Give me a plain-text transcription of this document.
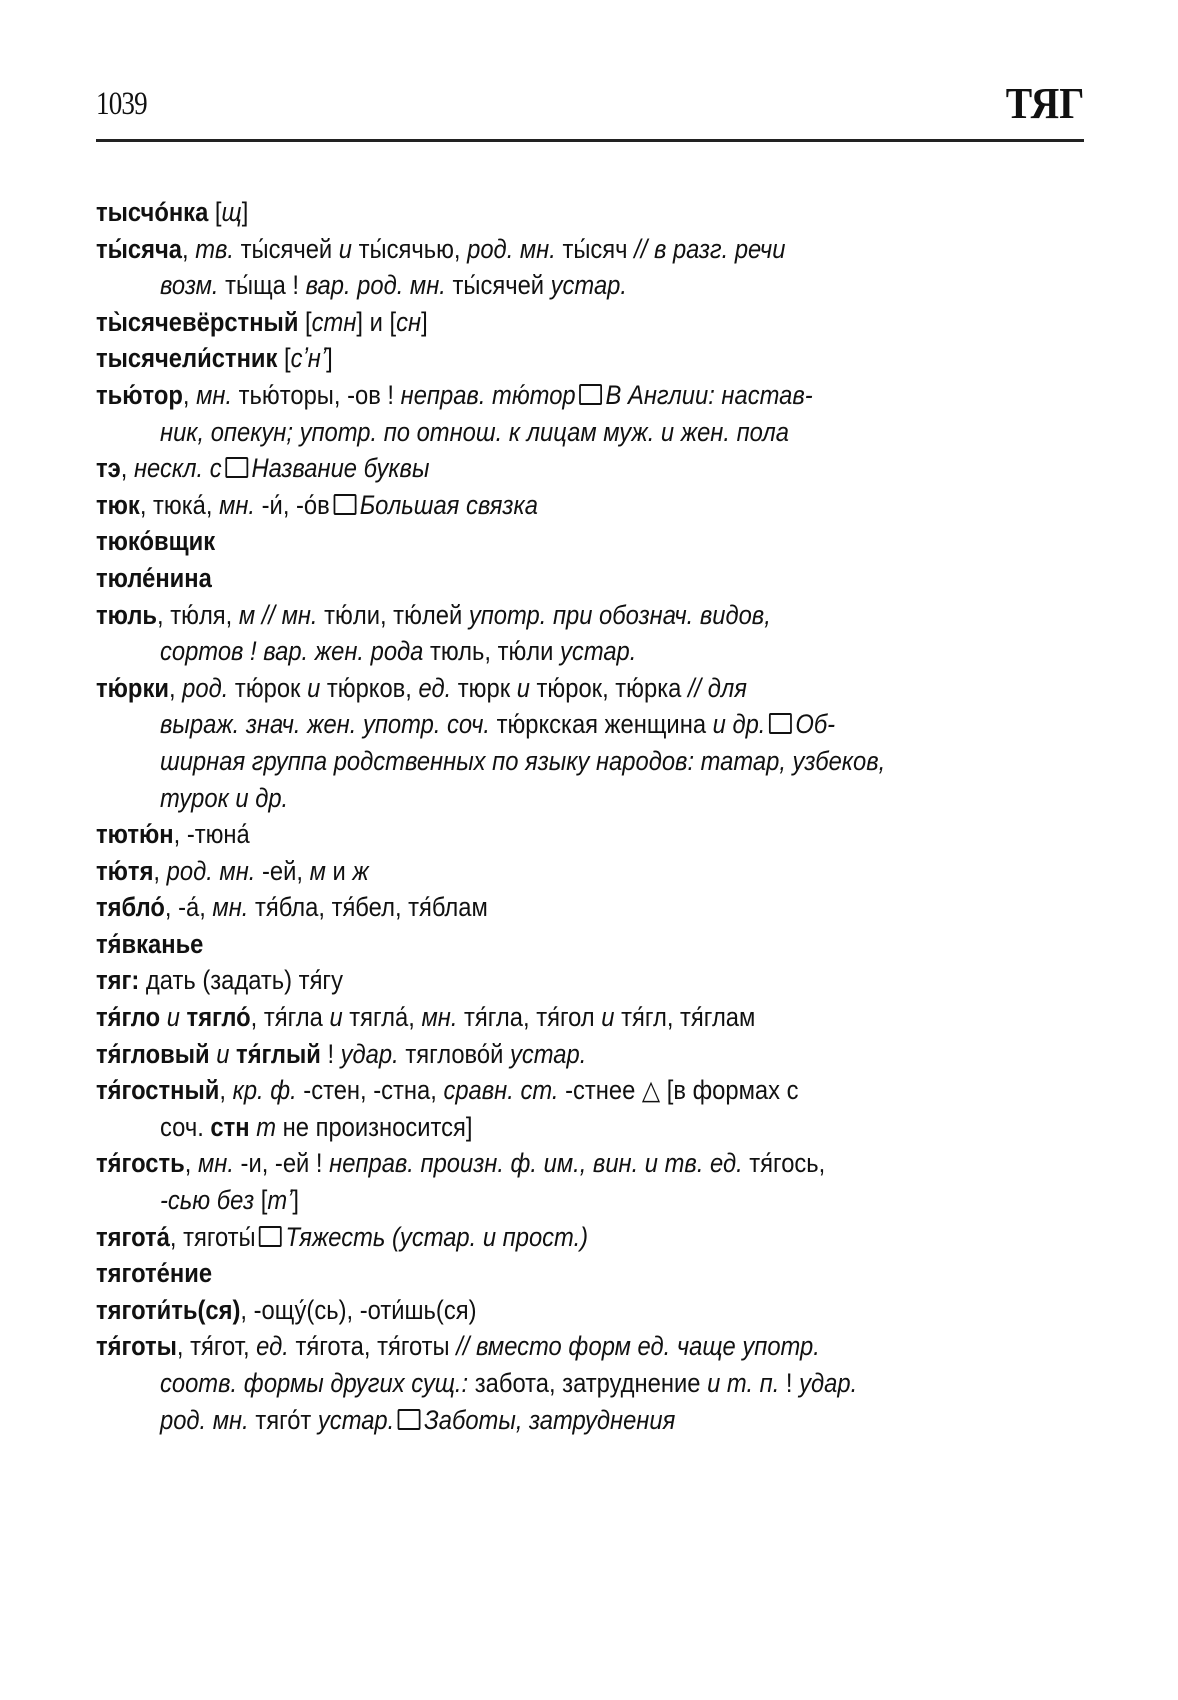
1039	ТЯГ
тысчóнка [щ]
ты́сяча, тв. ты́сячей и ты́сячью, род. мн. ты́сяч // в разг. речи
возм. ты́ща ! вар. род. мн. ты́сячей устар.
ты̀сячевёрстный [стн] и [сн]
тысячели́стник [сʼнʼ]
тью́тор, мн. тью́торы, -ов ! неправ. тю́тор В Англии: настав-
ник, опекун; употр. по отнош. к лицам муж. и жен. пола
тэ, нескл. с Название буквы
тюк, тюка́, мн. -и́, -о́в Большая связка
тюко́вщик
тюле́нина
тюль, тю́ля, м // мн. тю́ли, тю́лей употр. при обознач. видов,
сортов ! вар. жен. рода тюль, тю́ли устар.
тю́рки, род. тю́рок и тю́рков, ед. тюрк и тю́рок, тю́рка // для
выраж. знач. жен. употр. соч. тю́ркская женщина и др. Об-
ширная группа родственных по языку народов: татар, узбеков,
турок и др.
тютю́н, -тюна́
тю́тя, род. мн. -ей, м и ж
тябло́, -а́, мн. тя́бла, тя́бел, тя́блам
тя́вканье
тяг: дать (задать) тя́гу
тя́гло и тягло́, тя́гла и тягла́, мн. тя́гла, тя́гол и тя́гл, тя́глам
тя́гловый и тя́глый ! удар. тяглово́й устар.
тя́гостный, кр. ф. -стен, -стна, сравн. ст. -стнее △ [в формах с
соч. стн т не произносится]
тя́гость, мн. -и, -ей ! неправ. произн. ф. им., вин. и тв. ед. тя́гось,
-сью без [тʼ]
тягота́, тяготы́ Тяжесть (устар. и прост.)
тяготе́ние
тяготи́ть(ся), -ощу́(сь), -оти́шь(ся)
тя́готы, тя́гот, ед. тя́гота, тя́готы // вместо форм ед. чаще употр.
соотв. формы других сущ.: забота, затруднение и т. п. ! удар.
род. мн. тяго́т устар. Заботы, затруднения
